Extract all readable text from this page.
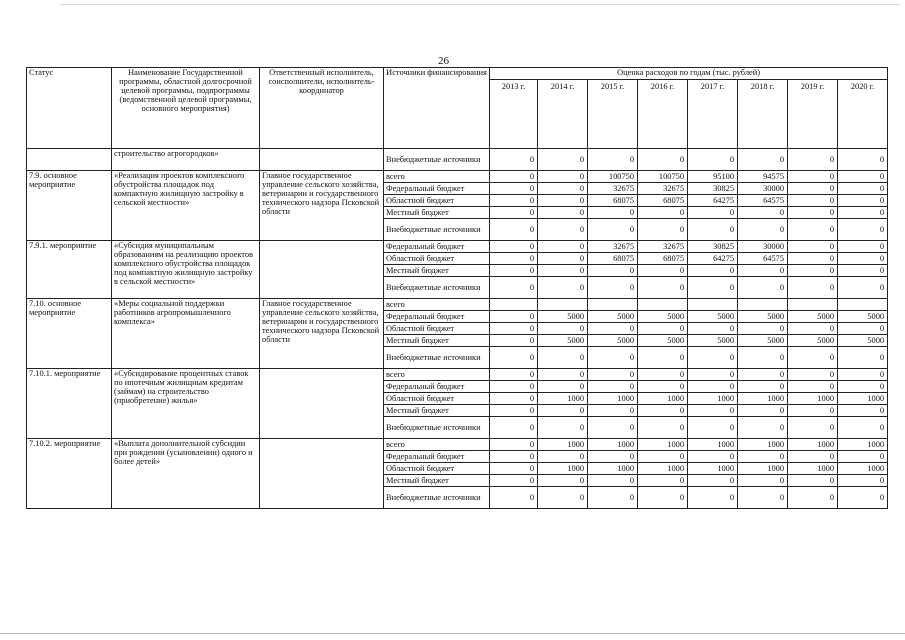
26
Статус	Наименование Государственной программы, областной долгосрочной целевой программы, подпрограммы (ведомственной целевой программы, основного мероприятия)	Ответственный исполнитель, соисполнители, исполнитель-координатор	Источники финансирования	Оценка расходов по годам (тыс. рублей)							
				2013 г.	2014 г.	2015 г.	2016 г.	2017 г.	2018 г.	2019 г.	2020 г.
	строительство агрогородков»		Внебюджетные источники	0	0	0	0	0	0	0	0
7.9. основное мероприятие	«Реализация проектов комплексного обустройства площадок под компактную жилищную застройку в сельской местности»	Главное государственное управление сельского хозяйства, ветеринарии и государственного технического надзора Псковской области	всего	0	0	100750	100750	95100	94575	0	0
			Федеральный бюджет	0	0	32675	32675	30825	30000	0	0
			Областной бюджет	0	0	68075	68075	64275	64575	0	0
			Местный бюджет	0	0	0	0	0	0	0	0
			Внебюджетные источники	0	0	0	0	0	0	0	0
7.9.1. мероприятие	«Субсидия муниципальным образованиям на реализацию проектов комплексного обустройства площадок под компактную жилищную застройку в сельской местности»		Федеральный бюджет	0	0	32675	32675	30825	30000	0	0
			Областной бюджет	0	0	68075	68075	64275	64575	0	0
			Местный бюджет	0	0	0	0	0	0	0	0
			Внебюджетные источники	0	0	0	0	0	0	0	0
7.10. основное мероприятие	«Меры социальной поддержки работников агропромышленного комплекса»	Главное государственное управление сельского хозяйства, ветеринарии и государственного технического надзора Псковской области	всего								
			Федеральный бюджет	0	5000	5000	5000	5000	5000	5000	5000
			Областной бюджет	0	0	0	0	0	0	0	0
			Местный бюджет	0	5000	5000	5000	5000	5000	5000	5000
			Внебюджетные источники	0	0	0	0	0	0	0	0
7.10.1. мероприятие	«Субсидирование процентных ставок по ипотечным жилищным кредитам (займам) на строительство (приобретение) жилья»		всего	0	0	0	0	0	0	0	0
			Федеральный бюджет	0	0	0	0	0	0	0	0
			Областной бюджет	0	1000	1000	1000	1000	1000	1000	1000
			Местный бюджет	0	0	0	0	0	0	0	0
			Внебюджетные источники	0	0	0	0	0	0	0	0
7.10.2. мероприятие	«Выплата дополнительной субсидии при рождении (усыновлении) одного и более детей»		всего	0	1000	1000	1000	1000	1000	1000	1000
			Федеральный бюджет	0	0	0	0	0	0	0	0
			Областной бюджет	0	1000	1000	1000	1000	1000	1000	1000
			Местный бюджет	0	0	0	0	0	0	0	0
			Внебюджетные источники	0	0	0	0	0	0	0	0
